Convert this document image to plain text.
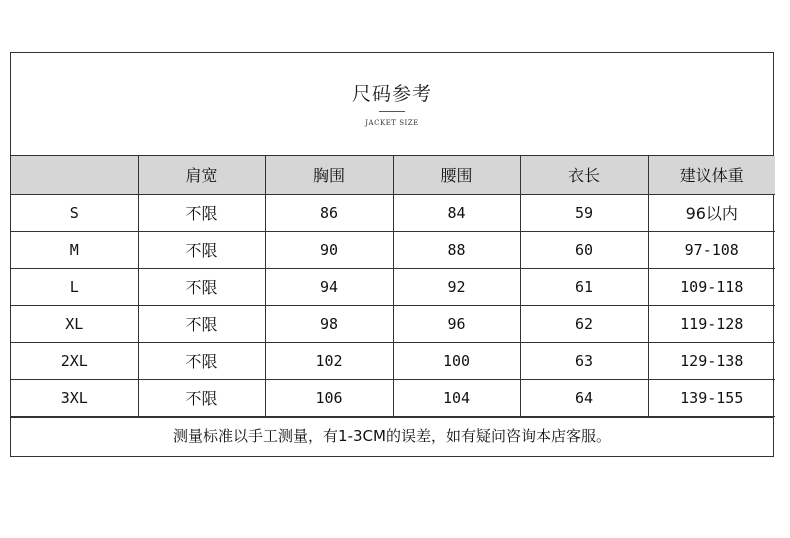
尺码参考
JACKET SIZE
	肩宽	胸围	腰围	衣长	建议体重
S	不限	86	84	59	96以内
M	不限	90	88	60	97-108
L	不限	94	92	61	109-118
XL	不限	98	96	62	119-128
2XL	不限	102	100	63	129-138
3XL	不限	106	104	64	139-155
测量标准以手工测量，有1-3CM的误差，如有疑问咨询本店客服。
